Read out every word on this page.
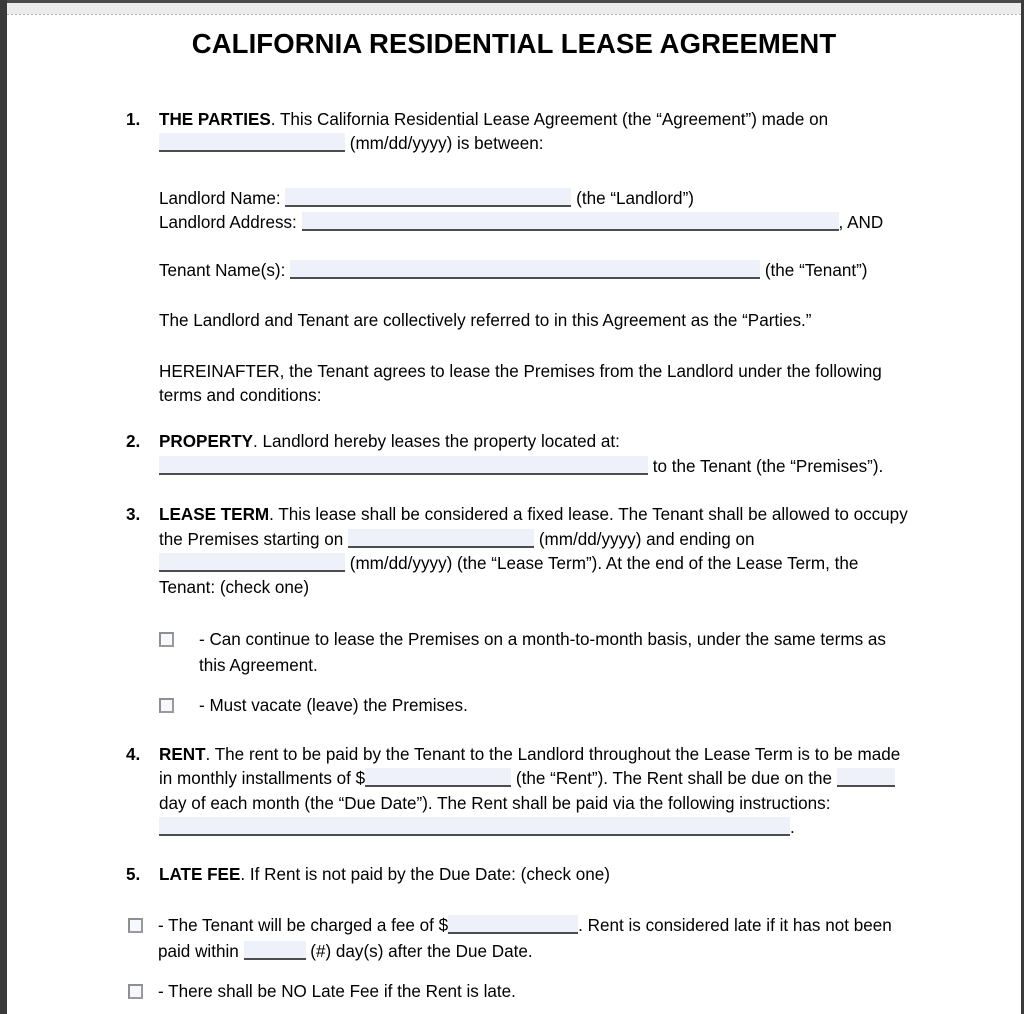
CALIFORNIA RESIDENTIAL LEASE AGREEMENT
1. THE PARTIES. This California Residential Lease Agreement (the “Agreement”) made on
(mm/dd/yyyy) is between:
Landlord Name:	(the “Landlord”)
Landlord Address:	, AND
Tenant Name(s):	(the “Tenant”)
The Landlord and Tenant are collectively referred to in this Agreement as the “Parties.”
HEREINAFTER, the Tenant agrees to lease the Premises from the Landlord under the following terms and conditions:
2. PROPERTY. Landlord hereby leases the property located at:
to the Tenant (the “Premises”).
3. LEASE TERM. This lease shall be considered a fixed lease. The Tenant shall be allowed to occupy the Premises starting on	(mm/dd/yyyy) and ending on  (mm/dd/yyyy) (the “Lease Term”). At the end of the Lease Term, the Tenant: (check one)
- Can continue to lease the Premises on a month-to-month basis, under the same terms as this Agreement.
- Must vacate (leave) the Premises.
4. RENT. The rent to be paid by the Tenant to the Landlord throughout the Lease Term is to be made in monthly installments of $	(the “Rent”). The Rent shall be due on the  day of each month (the “Due Date”). The Rent shall be paid via the following instructions: .
5. LATE FEE. If Rent is not paid by the Due Date: (check one)
- The Tenant will be charged a fee of $	. Rent is considered late if it has not been paid within	(#) day(s) after the Due Date.
- There shall be NO Late Fee if the Rent is late.
